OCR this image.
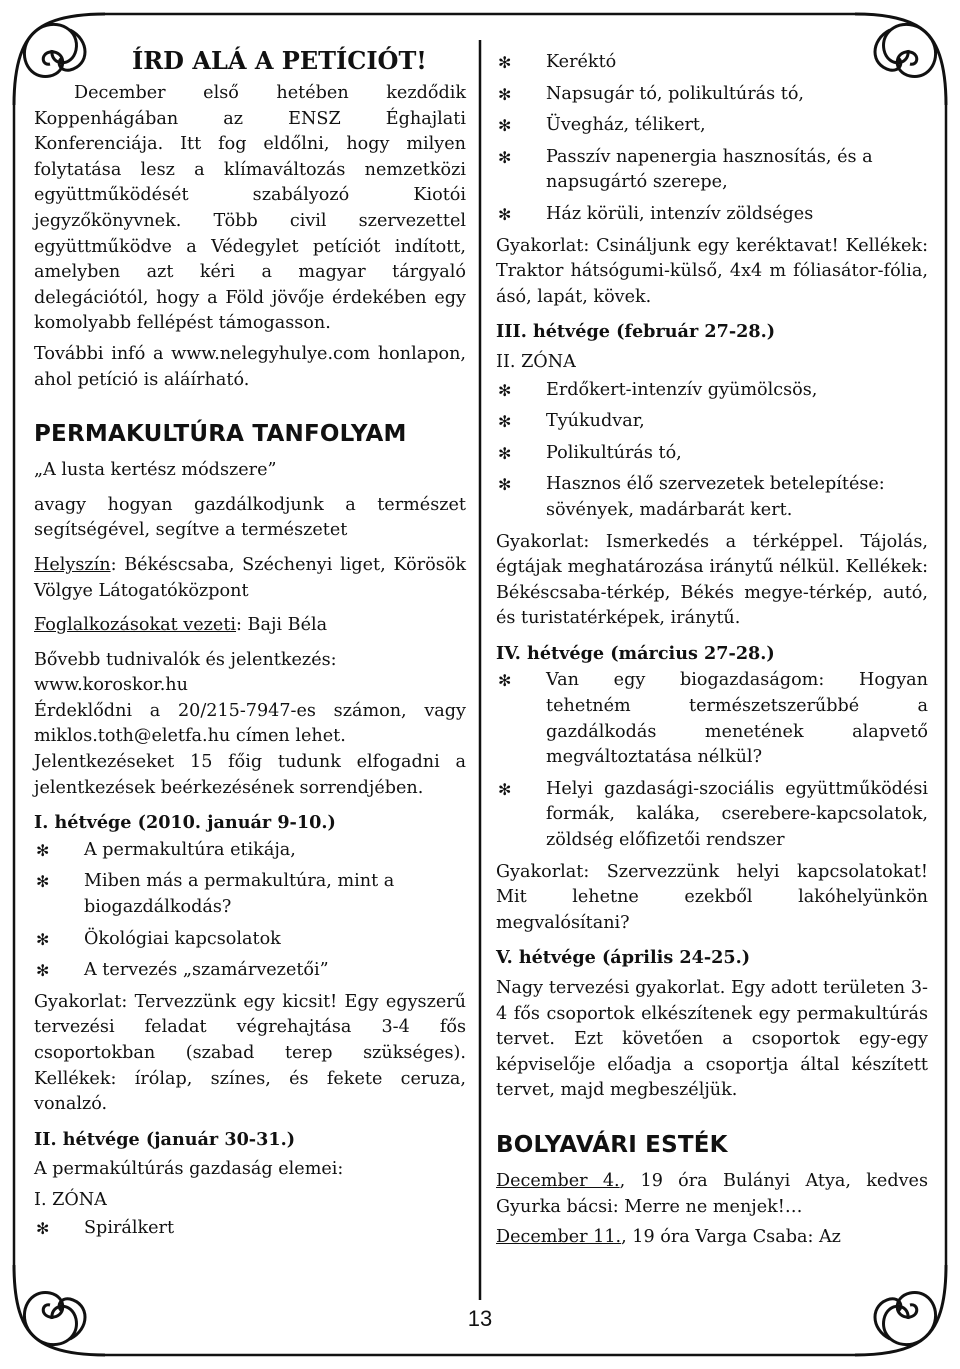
ÍRD ALÁ A PETÍCIÓT!

December első hetében kezdődik Koppenhágában az ENSZ Éghajlati Konferenciája. Itt fog eldőlni, hogy milyen folytatása lesz a klímaváltozás nemzetközi együttműködését szabályozó Kiotói jegyzőkönyvnek. Több civil szervezettel együttműködve a Védegylet petíciót indított, amelyben azt kéri a magyar tárgyaló delegációtól, hogy a Föld jövője érdekében egy komolyabb fellépést támogasson.

További infó a www.nelegyhulye.com honlapon, ahol petíció is aláírható.

PERMAKULTÚRA TANFOLYAM

„A lusta kertész módszere”

avagy hogyan gazdálkodjunk a természet segítségével, segítve a természetet

Helyszín: Békéscsaba, Széchenyi liget, Körösök Völgye Látogatóközpont

Foglalkozásokat vezeti: Baji Béla

Bővebb tudnivalók és jelentkezés:

www.koroskor.hu

Érdeklődni a 20/215-7947-es számon, vagy miklos.toth@eletfa.hu címen lehet.

Jelentkezéseket 15 főig tudunk elfogadni a jelentkezések beérkezésének sorrendjében.

I. hétvége (2010. január 9-10.)

✻ A permakultúra etikája,
✻ Miben más a permakultúra, mint a biogazdálkodás?
✻ Ökológiai kapcsolatok
✻ A tervezés „szamárvezetői”

Gyakorlat: Tervezzünk egy kicsit! Egy egyszerű tervezési feladat végrehajtása 3-4 fős csoportokban (szabad terep szükséges). Kellékek: írólap, színes, és fekete ceruza, vonalzó.

II. hétvége (január 30-31.)

A permakúltúrás gazdaság elemei:

I. ZÓNA

✻ Spirálkert
✻ Keréktó
✻ Napsugár tó, polikultúrás tó,
✻ Üvegház, télikert,
✻ Passzív napenergia hasznosítás, és a napsugártó szerepe,
✻ Ház körüli, intenzív zöldséges

Gyakorlat: Csináljunk egy keréktavat! Kellékek: Traktor hátsógumi-külső, 4x4 m fóliasátor-fólia, ásó, lapát, kövek.

III. hétvége (február 27-28.)

II. ZÓNA

✻ Erdőkert-intenzív gyümölcsös,
✻ Tyúkudvar,
✻ Polikultúrás tó,
✻ Hasznos élő szervezetek betelepítése: sövények, madárbarát kert.

Gyakorlat: Ismerkedés a térképpel. Tájolás, égtájak meghatározása iránytű nélkül. Kellékek: Békéscsaba-térkép, Békés megye-térkép, autó, és turistatérképek, iránytű.

IV. hétvége (március 27-28.)

✻ Van egy biogazdaságom: Hogyan tehetném természetszerűbbé a gazdálkodás menetének alapvető megváltoztatása nélkül?
✻ Helyi gazdasági-szociális együttműködési formák, kaláka, cserebere-kapcsolatok, zöldség előfizetői rendszer

Gyakorlat: Szervezzünk helyi kapcsolatokat! Mit lehetne ezekből lakóhelyünkön megvalósítani?

V. hétvége (április 24-25.)

Nagy tervezési gyakorlat. Egy adott területen 3-4 fős csoportok elkészítenek egy permakultúrás tervet. Ezt követően a csoportok egy-egy képviselője előadja a csoportja által készített tervet, majd megbeszéljük.

BOLYAVÁRI ESTÉK

December 4., 19 óra Bulányi Atya, kedves Gyurka bácsi: Merre ne menjek!…

December 11., 19 óra Varga Csaba: Az

13
